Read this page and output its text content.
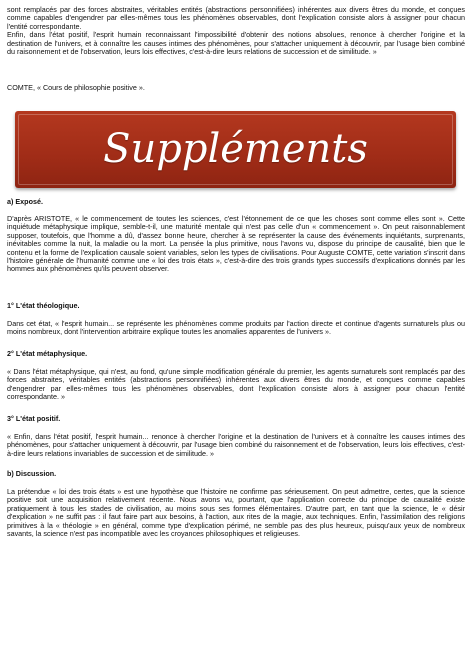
sont remplacés par des forces abstraites, véritables entités (abstractions personnifiées) inhérentes aux divers êtres du monde, et conçues comme capables d'engendrer par elles-mêmes tous les phénomènes observables, dont l'explication consiste alors à assigner pour chacun l'entité correspondante.

Enfin, dans l'état positif, l'esprit humain reconnaissant l'impossibilité d'obtenir des notions absolues, renonce à chercher l'origine et la destination de l'univers, et à connaître les causes intimes des phénomènes, pour s'attacher uniquement à découvrir, par l'usage bien combiné du raisonnement et de l'observation, leurs lois effectives, c'est-à-dire leurs relations de succession et de similitude. »

COMTE, « Cours de philosophie positive ».

Suppléments

a) Exposé.

D'après ARISTOTE, « le commencement de toutes les sciences, c'est l'étonnement de ce que les choses sont comme elles sont ». Cette inquiétude métaphysique implique, semble-t-il, une maturité mentale qui n'est pas celle d'un « commencement ». On peut raisonnablement supposer, toutefois, que l'homme a dû, d'assez bonne heure, chercher à se représenter la cause des événements inquiétants, surprenants, inévitables comme la nuit, la maladie ou la mort. La pensée la plus primitive, nous l'avons vu, dispose du principe de causalité, bien que le contenu et la forme de l'explication causale soient variables, selon les types de civilisations. Pour Auguste COMTE, cette variation s'inscrit dans l'histoire générale de l'humanité comme une « loi des trois états », c'est-à-dire des trois grands types successifs d'explications donnés par les hommes aux phénomènes qu'ils peuvent observer.

1° L'état théologique.

Dans cet état, « l'esprit humain... se représente les phénomènes comme produits par l'action directe et continue d'agents surnaturels plus ou moins nombreux, dont l'intervention arbitraire explique toutes les anomalies apparentes de l'univers ».

2° L'état métaphysique.

« Dans l'état métaphysique, qui n'est, au fond, qu'une simple modification générale du premier, les agents surnaturels sont remplacés par des forces abstraites, véritables entités (abstractions personnifiées) inhérentes aux divers êtres du monde, et conçues comme capables d'engendrer par elles-mêmes tous les phénomènes observables, dont l'explication consiste alors à assigner pour chacun l'entité correspondante. »

3° L'état positif.

« Enfin, dans l'état positif, l'esprit humain... renonce à chercher l'origine et la destination de l'univers et à connaître les causes intimes des phénomènes, pour s'attacher uniquement à découvrir, par l'usage bien combiné du raisonnement et de l'observation, leurs lois effectives, c'est-à-dire leurs relations invariables de succession et de similitude. »

b) Discussion.

La prétendue « loi des trois états » est une hypothèse que l'histoire ne confirme pas sérieusement. On peut admettre, certes, que la science positive soit une acquisition relativement récente. Nous avons vu, pourtant, que l'application correcte du principe de causalité existe pratiquement à tous les stades de civilisation, au moins sous ses formes élémentaires. D'autre part, en tant que la science, le « désir d'explication » ne suffit pas : il faut faire part aux besoins, à l'action, aux rites de la magie, aux techniques. Enfin, l'assimilation des religions primitives à la « théologie » en général, comme type d'explication périmé, ne semble pas des plus heureux, puisqu'aux yeux de nombreux savants, la science n'est pas incompatible avec les croyances philosophiques et religieuses.
